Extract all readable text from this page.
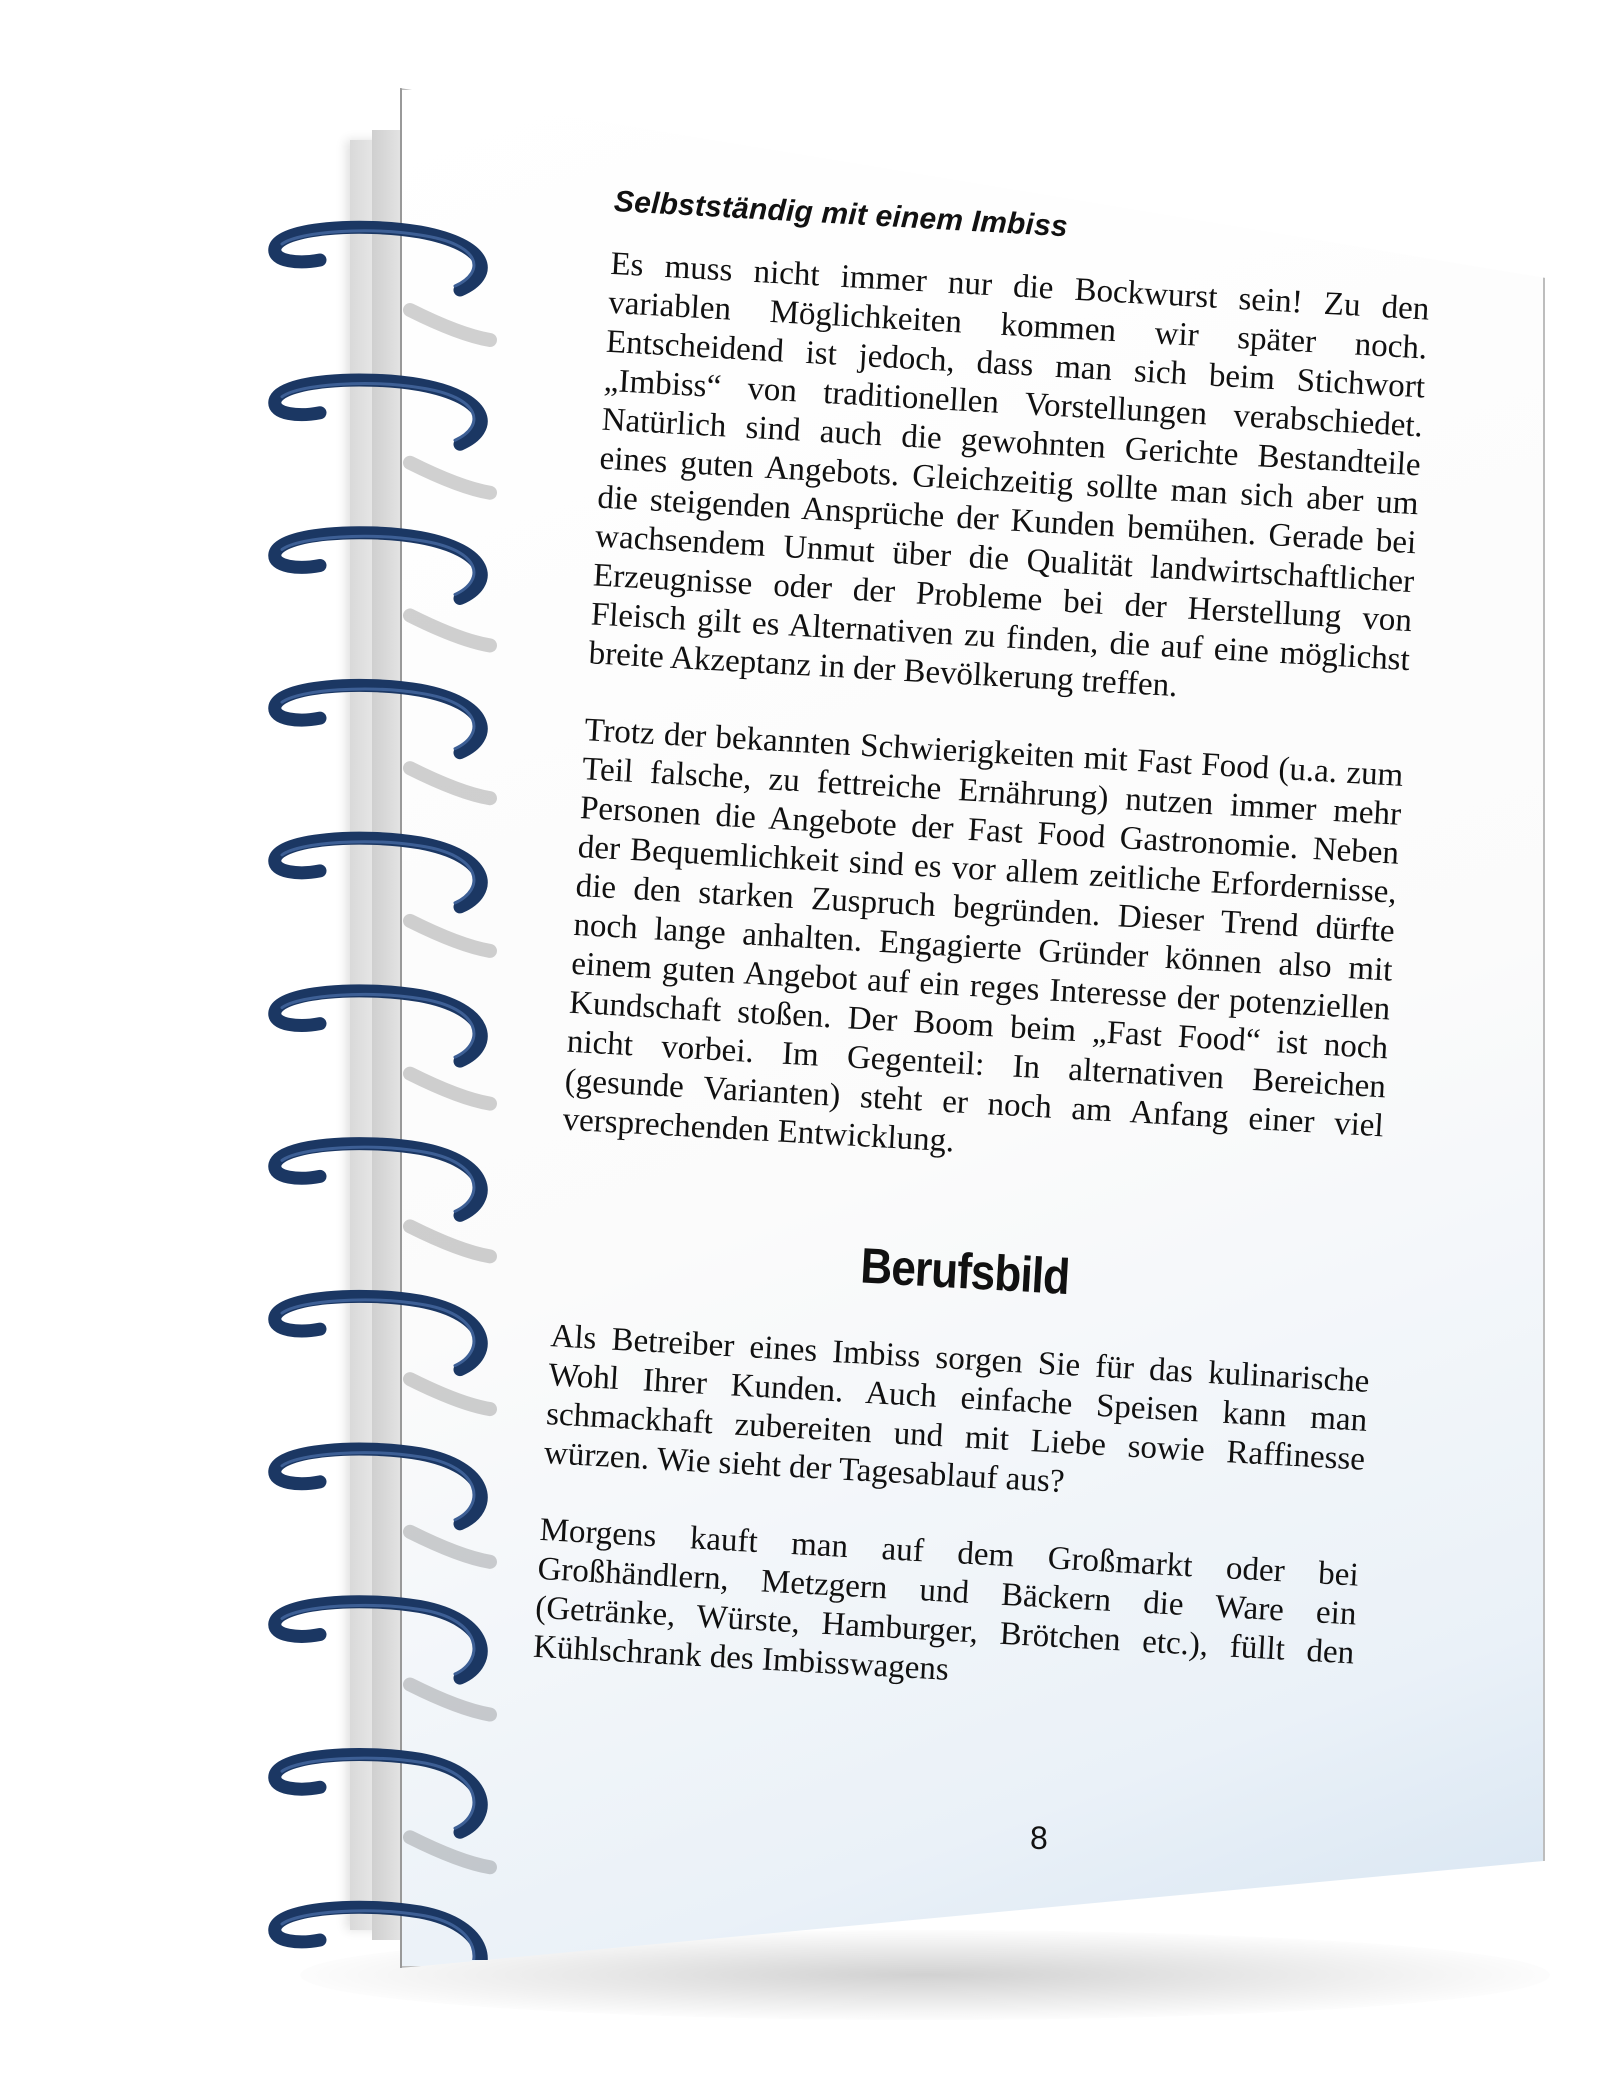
Selbstständig mit einem Imbiss

Es muss nicht immer nur die Bockwurst sein! Zu den variablen Möglichkeiten kommen wir später noch. Entscheidend ist jedoch, dass man sich beim Stichwort „Imbiss“ von traditionellen Vorstellungen verabschiedet. Natürlich sind auch die gewohnten Gerichte Bestandteile eines guten Angebots. Gleichzeitig sollte man sich aber um die steigenden Ansprüche der Kunden bemühen. Gerade bei wachsendem Unmut über die Qualität landwirtschaftlicher Erzeugnisse oder der Probleme bei der Herstellung von Fleisch gilt es Alternativen zu finden, die auf eine möglichst breite Akzeptanz in der Bevölkerung treffen.

Trotz der bekannten Schwierigkeiten mit Fast Food (u.a. zum Teil falsche, zu fettreiche Ernährung) nutzen immer mehr Personen die Angebote der Fast Food Gastronomie. Neben der Bequemlichkeit sind es vor allem zeitliche Erfordernisse, die den starken Zuspruch begründen. Dieser Trend dürfte noch lange anhalten. Engagierte Gründer können also mit einem guten Angebot auf ein reges Interesse der potenziellen Kundschaft stoßen. Der Boom beim „Fast Food“ ist noch nicht vorbei. Im Gegenteil: In alternativen Bereichen (gesunde Varianten) steht er noch am Anfang einer viel versprechenden Entwicklung.

Berufsbild

Als Betreiber eines Imbiss sorgen Sie für das kulinarische Wohl Ihrer Kunden. Auch einfache Speisen kann man schmackhaft zubereiten und mit Liebe sowie Raffinesse würzen. Wie sieht der Tagesablauf aus?

Morgens kauft man auf dem Großmarkt oder bei Großhändlern, Metzgern und Bäckern die Ware ein (Getränke, Würste, Hamburger, Brötchen etc.), füllt den Kühlschrank des Imbisswagens

8
